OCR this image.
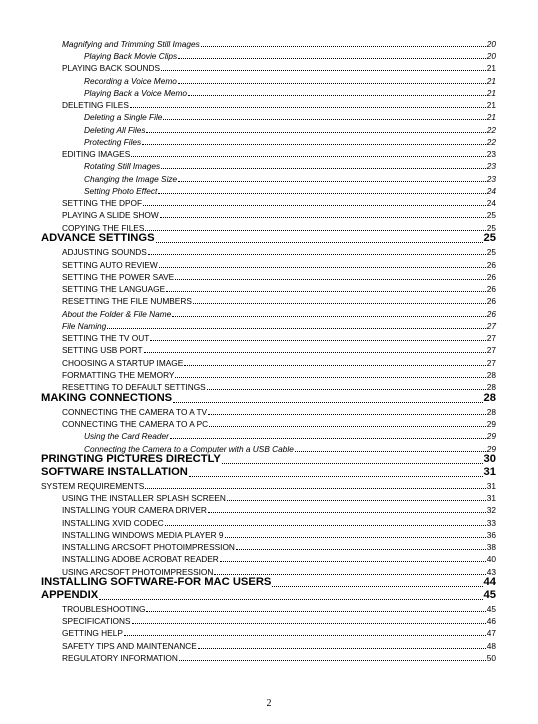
Magnifying and Trimming Still Images	20
Playing Back Movie Clips	20
PLAYING BACK SOUNDS	21
Recording a Voice Memo	21
Playing Back a Voice Memo	21
DELETING FILES	21
Deleting a Single File	21
Deleting All Files	22
Protecting Files	22
EDITING IMAGES	23
Rotating Still Images	23
Changing the Image Size	23
Setting Photo Effect	24
SETTING THE DPOF	24
PLAYING A SLIDE SHOW	25
COPYING THE FILES	25
ADVANCE SETTINGS	25
ADJUSTING SOUNDS	25
SETTING AUTO REVIEW	26
SETTING THE POWER SAVE	26
SETTING THE LANGUAGE	26
RESETTING THE FILE NUMBERS	26
About the Folder & File Name	26
File Naming	27
SETTING THE TV OUT	27
SETTING USB PORT	27
CHOOSING A STARTUP IMAGE	27
FORMATTING THE MEMORY	28
RESETTING TO DEFAULT SETTINGS	28
MAKING CONNECTIONS	28
CONNECTING THE CAMERA TO A TV	28
CONNECTING THE CAMERA TO A PC	29
Using the Card Reader	29
Connecting the Camera to a Computer with a USB Cable	29
PRINGTING PICTURES DIRECTLY	30
SOFTWARE INSTALLATION	31
SYSTEM REQUIREMENTS	31
USING THE INSTALLER SPLASH SCREEN	31
INSTALLING YOUR CAMERA DRIVER	32
INSTALLING XVID CODEC	33
INSTALLING WINDOWS MEDIA PLAYER 9	36
INSTALLING ARCSOFT PHOTOIMPRESSION	38
INSTALLING ADOBE ACROBAT READER	40
USING ARCSOFT PHOTOIMPRESSION	43
INSTALLING SOFTWARE-FOR MAC USERS	44
APPENDIX	45
TROUBLESHOOTING	45
SPECIFICATIONS	46
GETTING HELP	47
SAFETY TIPS AND MAINTENANCE	48
REGULATORY INFORMATION	50
2
